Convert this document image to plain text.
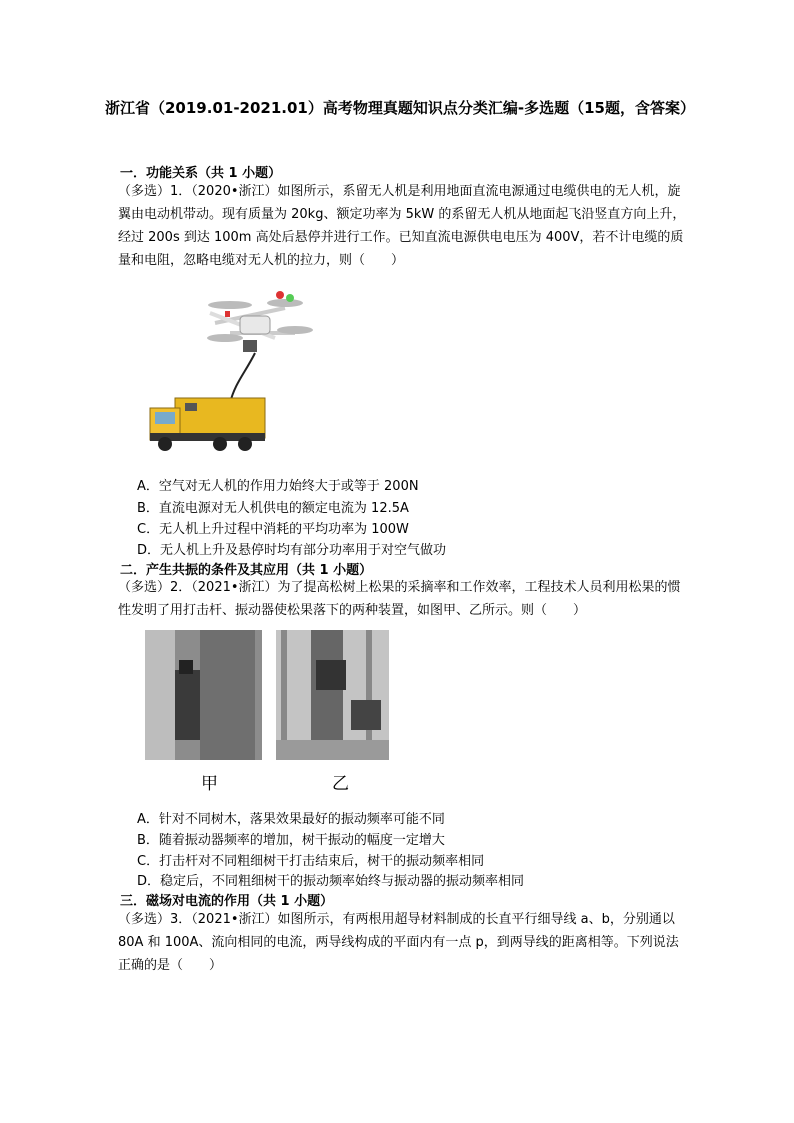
浙江省（2019.01-2021.01）高考物理真题知识点分类汇编-多选题（15题，含答案）
一．功能关系（共 1 小题）
（多选）1．（2020•浙江）如图所示，系留无人机是利用地面直流电源通过电缆供电的无人机，旋翼由电动机带动。现有质量为 20kg、额定功率为 5kW 的系留无人机从地面起飞沿竖直方向上升，经过 200s 到达 100m 高处后悬停并进行工作。已知直流电源供电电压为 400V，若不计电缆的质量和电阻，忽略电缆对无人机的拉力，则（　　）
A．空气对无人机的作用力始终大于或等于 200N
B．直流电源对无人机供电的额定电流为 12.5A
C．无人机上升过程中消耗的平均功率为 100W
D．无人机上升及悬停时均有部分功率用于对空气做功
二．产生共振的条件及其应用（共 1 小题）
（多选）2．（2021•浙江）为了提高松树上松果的采摘率和工作效率，工程技术人员利用松果的惯性发明了用打击杆、振动器使松果落下的两种装置，如图甲、乙所示。则（　　）
甲	乙
A．针对不同树木，落果效果最好的振动频率可能不同
B．随着振动器频率的增加，树干振动的幅度一定增大
C．打击杆对不同粗细树干打击结束后，树干的振动频率相同
D．稳定后，不同粗细树干的振动频率始终与振动器的振动频率相同
三．磁场对电流的作用（共 1 小题）
（多选）3．（2021•浙江）如图所示，有两根用超导材料制成的长直平行细导线 a、b，分别通以 80A 和 100A、流向相同的电流，两导线构成的平面内有一点 p，到两导线的距离相等。下列说法正确的是（　　）
